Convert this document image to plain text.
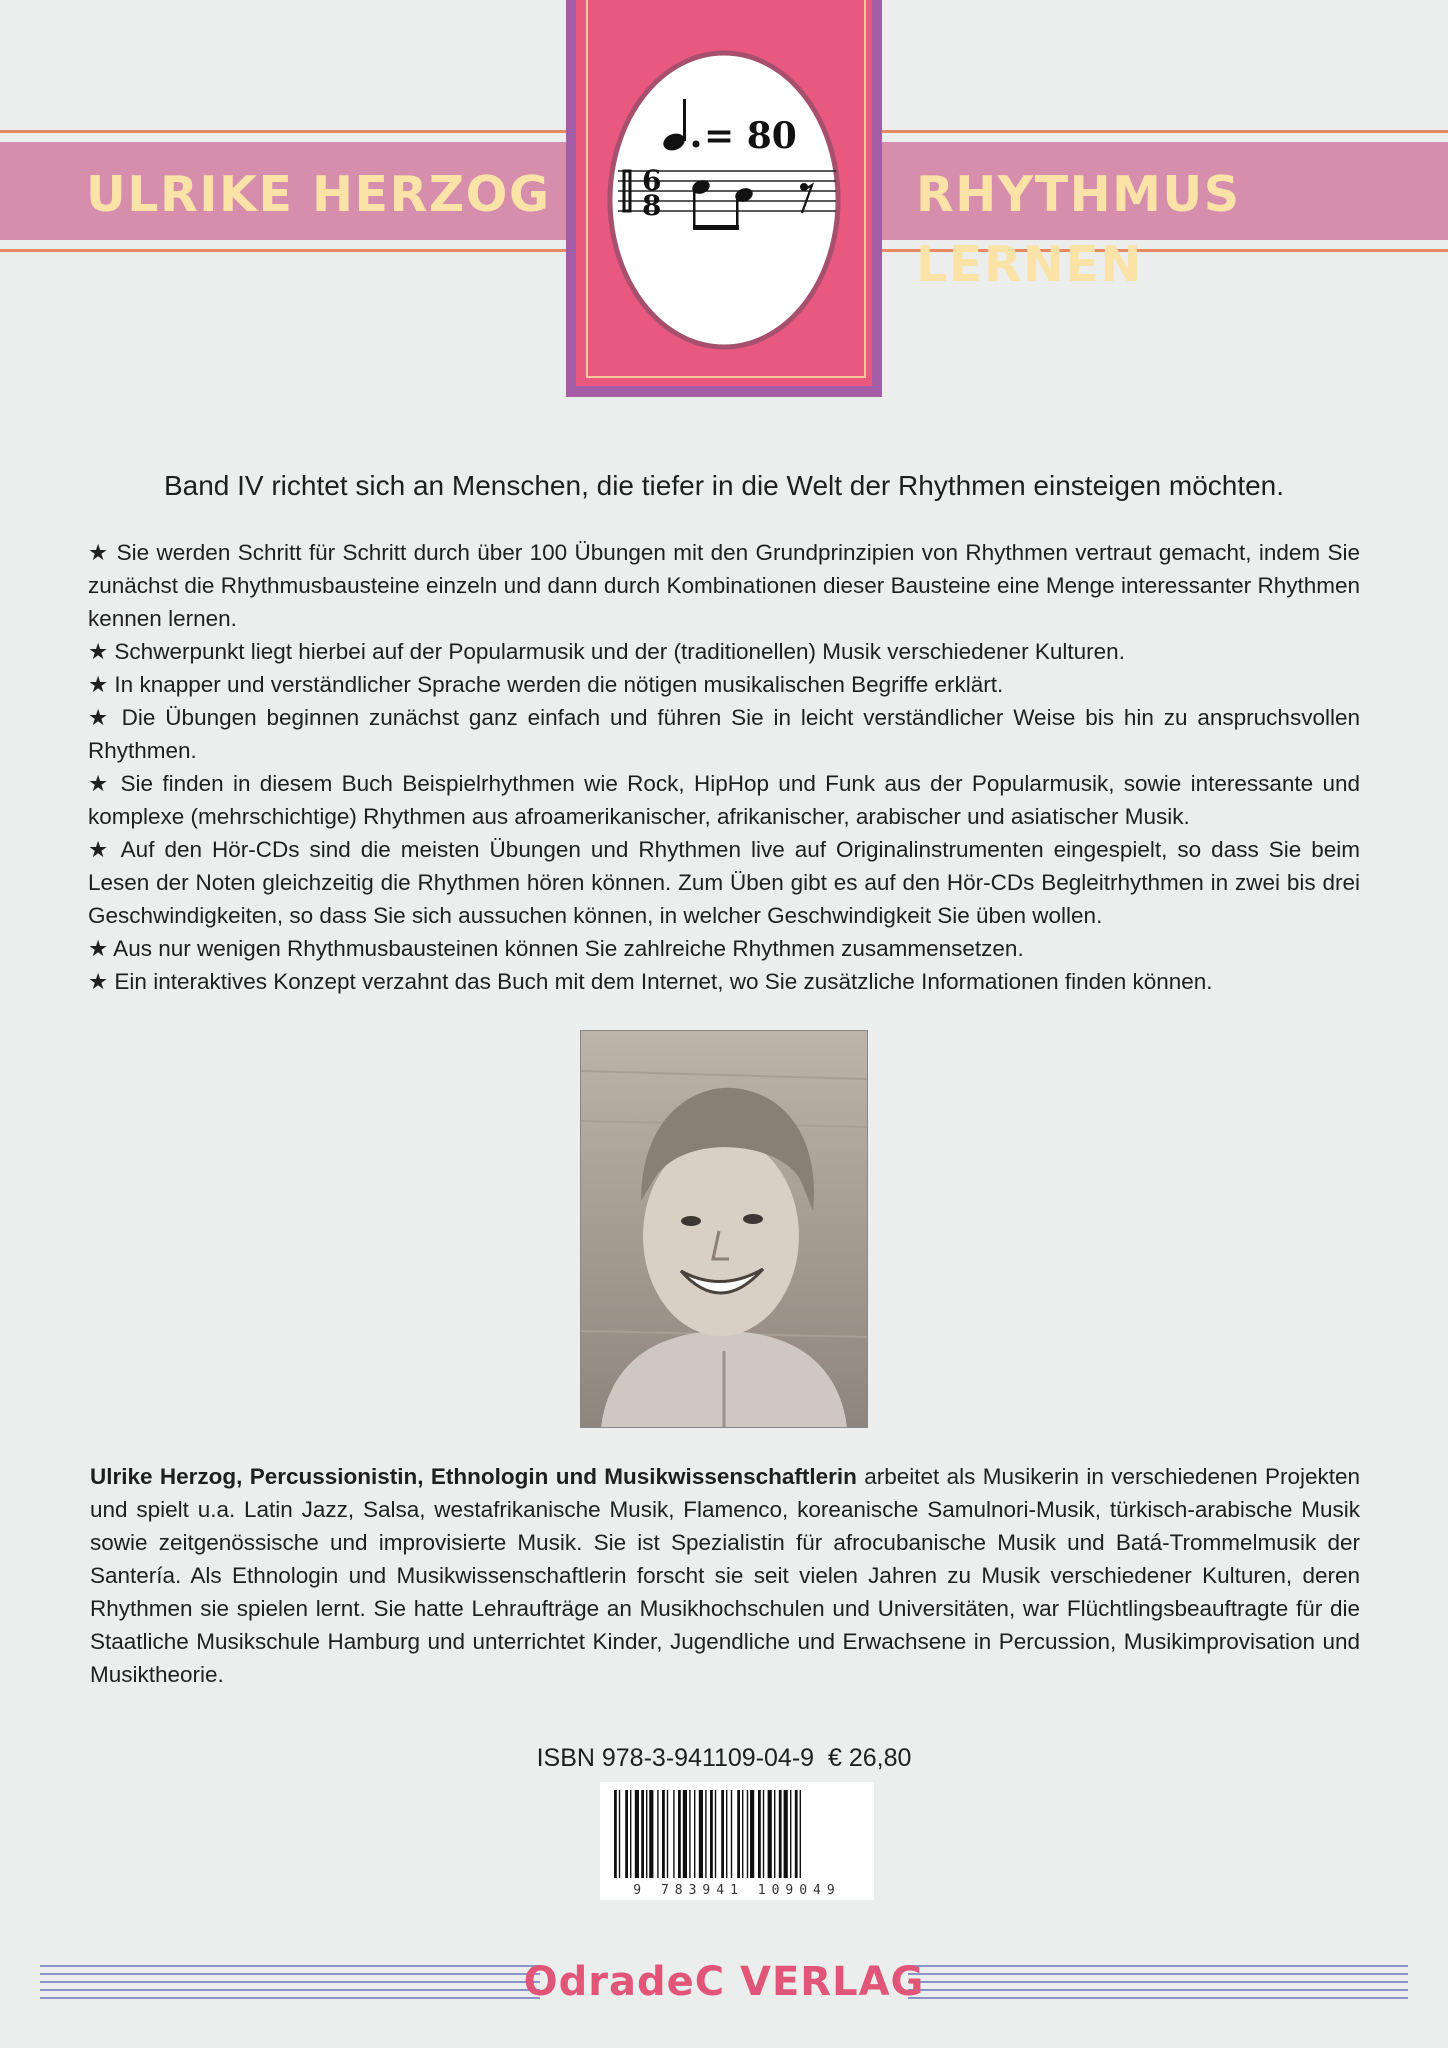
ULRIKE HERZOG	RHYTHMUS LERNEN
= 80
6
8
Band IV richtet sich an Menschen, die tiefer in die Welt der Rhythmen einsteigen möchten.

★ Sie werden Schritt für Schritt durch über 100 Übungen mit den Grundprinzipien von Rhythmen vertraut gemacht, indem Sie zunächst die Rhythmusbausteine einzeln und dann durch Kombinationen dieser Bausteine eine Menge interessanter Rhythmen kennen lernen.

★ Schwerpunkt liegt hierbei auf der Popularmusik und der (traditionellen) Musik verschiedener Kulturen.

★ In knapper und verständlicher Sprache werden die nötigen musikalischen Begriffe erklärt.

★ Die Übungen beginnen zunächst ganz einfach und führen Sie in leicht verständlicher Weise bis hin zu anspruchsvollen Rhythmen.

★ Sie finden in diesem Buch Beispielrhythmen wie Rock, HipHop und Funk aus der Popularmusik, sowie interessante und komplexe (mehrschichtige) Rhythmen aus afroamerikanischer, afrikanischer, arabischer und asiatischer Musik.

★ Auf den Hör-CDs sind die meisten Übungen und Rhythmen live auf Originalinstrumenten eingespielt, so dass Sie beim Lesen der Noten gleichzeitig die Rhythmen hören können. Zum Üben gibt es auf den Hör-CDs Begleitrhythmen in zwei bis drei Geschwindigkeiten, so dass Sie sich aussuchen können, in welcher Geschwindigkeit Sie üben wollen.

★ Aus nur wenigen Rhythmusbausteinen können Sie zahlreiche Rhythmen zusammensetzen.

★ Ein interaktives Konzept verzahnt das Buch mit dem Internet, wo Sie zusätzliche Informationen finden können.

Ulrike Herzog, Percussionistin, Ethnologin und Musikwissenschaftlerin arbeitet als Musikerin in verschiedenen Projekten und spielt u.a. Latin Jazz, Salsa, westafrikanische Musik, Flamenco, koreanische Samulnori-Musik, türkisch-arabische Musik sowie zeitgenössische und improvisierte Musik. Sie ist Spezialistin für afrocubanische Musik und Batá-Trommelmusik der Santería. Als Ethnologin und Musikwissenschaftlerin forscht sie seit vielen Jahren zu Musik verschiedener Kulturen, deren Rhythmen sie spielen lernt. Sie hatte Lehraufträge an Musikhochschulen und Universitäten, war Flüchtlingsbeauftragte für die Staatliche Musikschule Hamburg und unterrichtet Kinder, Jugendliche und Erwachsene in Percussion, Musikimprovisation und Musiktheorie.
ISBN 978-3-941109-04-9 € 26,80
9 783941 109049
OdradeC VERLAG
